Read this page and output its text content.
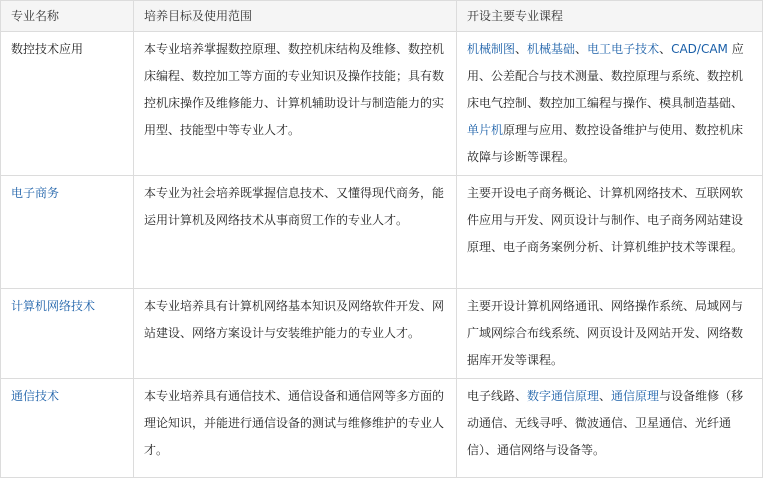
专业名称	培养目标及使用范围	开设主要专业课程
数控技术应用	本专业培养掌握数控原理、数控机床结构及维修、数控机床编程、数控加工等方面的专业知识及操作技能；具有数控机床操作及维修能力、计算机辅助设计与制造能力的实用型、技能型中等专业人才。	机械制图、机械基础、电工电子技术、CAD/CAM 应用、公差配合与技术测量、数控原理与系统、数控机床电气控制、数控加工编程与操作、模具制造基础、单片机原理与应用、数控设备维护与使用、数控机床故障与诊断等课程。
电子商务	本专业为社会培养既掌握信息技术、又懂得现代商务，能运用计算机及网络技术从事商贸工作的专业人才。	主要开设电子商务概论、计算机网络技术、互联网软件应用与开发、网页设计与制作、电子商务网站建设原理、电子商务案例分析、计算机维护技术等课程。
计算机网络技术	本专业培养具有计算机网络基本知识及网络软件开发、网站建设、网络方案设计与安装维护能力的专业人才。	主要开设计算机网络通讯、网络操作系统、局域网与广域网综合布线系统、网页设计及网站开发、网络数据库开发等课程。
通信技术	本专业培养具有通信技术、通信设备和通信网等多方面的理论知识，并能进行通信设备的测试与维修维护的专业人才。	电子线路、数字通信原理、通信原理与设备维修（移动通信、无线寻呼、微波通信、卫星通信、光纤通信）、通信网络与设备等。
